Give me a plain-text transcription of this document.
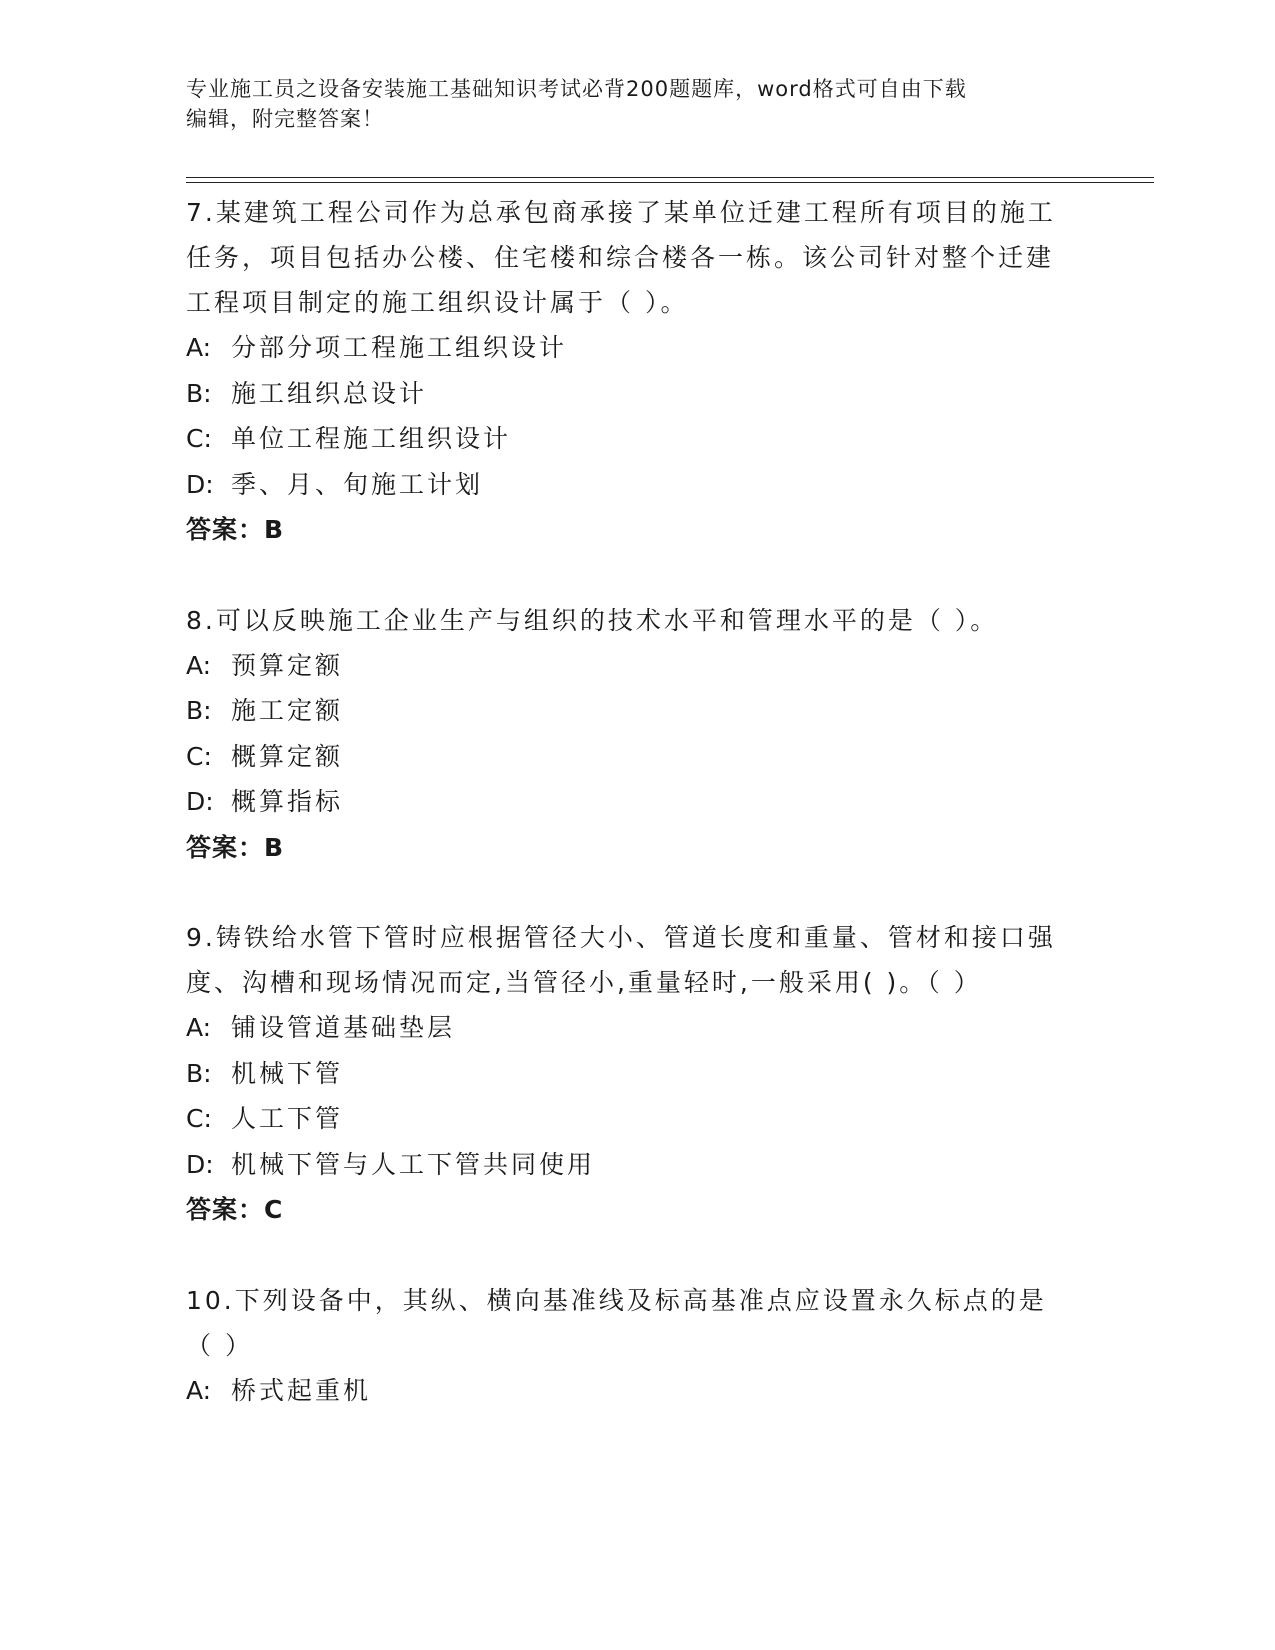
专业施工员之设备安装施工基础知识考试必背200题题库，word格式可自由下载
编辑，附完整答案！

7.某建筑工程公司作为总承包商承接了某单位迁建工程所有项目的施工任务，项目包括办公楼、住宅楼和综合楼各一栋。该公司针对整个迁建工程项目制定的施工组织设计属于（ ）。

A: 分部分项工程施工组织设计
B: 施工组织总设计
C: 单位工程施工组织设计
D: 季、月、旬施工计划

答案：B

8.可以反映施工企业生产与组织的技术水平和管理水平的是（ ）。

A: 预算定额
B: 施工定额
C: 概算定额
D: 概算指标

答案：B

9.铸铁给水管下管时应根据管径大小、管道长度和重量、管材和接口强度、沟槽和现场情况而定,当管径小,重量轻时,一般采用( )。（ ）

A: 铺设管道基础垫层
B: 机械下管
C: 人工下管
D: 机械下管与人工下管共同使用

答案：C

10.下列设备中，其纵、横向基准线及标高基准点应设置永久标点的是（ ）

A: 桥式起重机
